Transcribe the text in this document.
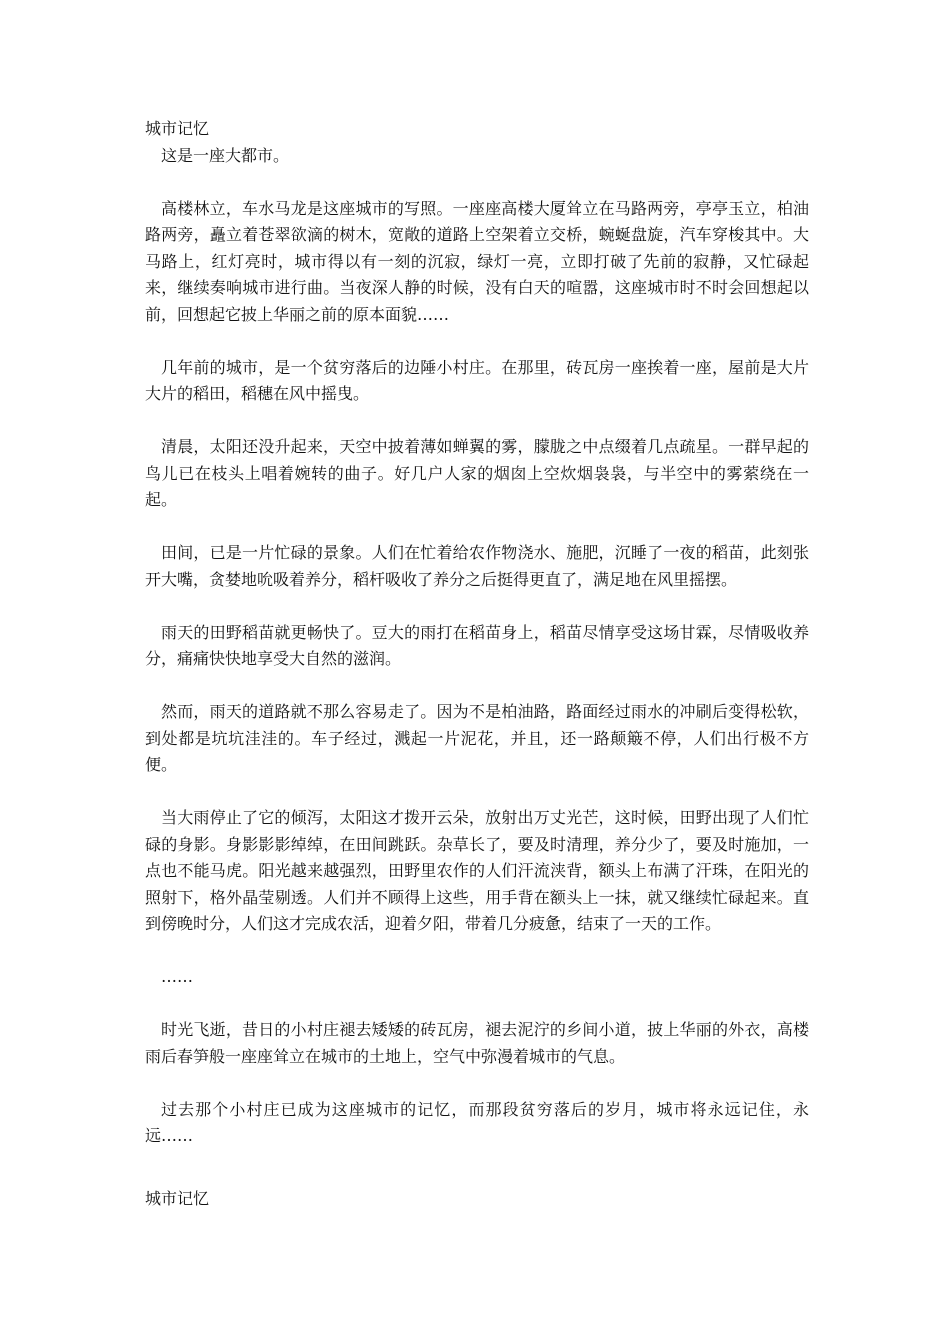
城市记忆

这是一座大都市。

高楼林立，车水马龙是这座城市的写照。一座座高楼大厦耸立在马路两旁，亭亭玉立，柏油路两旁，矗立着苍翠欲滴的树木，宽敞的道路上空架着立交桥，蜿蜒盘旋，汽车穿梭其中。大马路上，红灯亮时，城市得以有一刻的沉寂，绿灯一亮，立即打破了先前的寂静，又忙碌起来，继续奏响城市进行曲。当夜深人静的时候，没有白天的喧嚣，这座城市时不时会回想起以前，回想起它披上华丽之前的原本面貌……

几年前的城市，是一个贫穷落后的边陲小村庄。在那里，砖瓦房一座挨着一座，屋前是大片大片的稻田，稻穗在风中摇曳。

清晨，太阳还没升起来，天空中披着薄如蝉翼的雾，朦胧之中点缀着几点疏星。一群早起的鸟儿已在枝头上唱着婉转的曲子。好几户人家的烟囱上空炊烟袅袅，与半空中的雾萦绕在一起。

田间，已是一片忙碌的景象。人们在忙着给农作物浇水、施肥，沉睡了一夜的稻苗，此刻张开大嘴，贪婪地吮吸着养分，稻杆吸收了养分之后挺得更直了，满足地在风里摇摆。

雨天的田野稻苗就更畅快了。豆大的雨打在稻苗身上，稻苗尽情享受这场甘霖，尽情吸收养分，痛痛快快地享受大自然的滋润。

然而，雨天的道路就不那么容易走了。因为不是柏油路，路面经过雨水的冲刷后变得松软，到处都是坑坑洼洼的。车子经过，溅起一片泥花，并且，还一路颠簸不停，人们出行极不方便。

当大雨停止了它的倾泻，太阳这才拨开云朵，放射出万丈光芒，这时候，田野出现了人们忙碌的身影。身影影影绰绰，在田间跳跃。杂草长了，要及时清理，养分少了，要及时施加，一点也不能马虎。阳光越来越强烈，田野里农作的人们汗流浃背，额头上布满了汗珠，在阳光的照射下，格外晶莹剔透。人们并不顾得上这些，用手背在额头上一抹，就又继续忙碌起来。直到傍晚时分，人们这才完成农活，迎着夕阳，带着几分疲惫，结束了一天的工作。

……

时光飞逝，昔日的小村庄褪去矮矮的砖瓦房，褪去泥泞的乡间小道，披上华丽的外衣，高楼雨后春笋般一座座耸立在城市的土地上，空气中弥漫着城市的气息。

过去那个小村庄已成为这座城市的记忆，而那段贫穷落后的岁月，城市将永远记住，永远……

城市记忆
